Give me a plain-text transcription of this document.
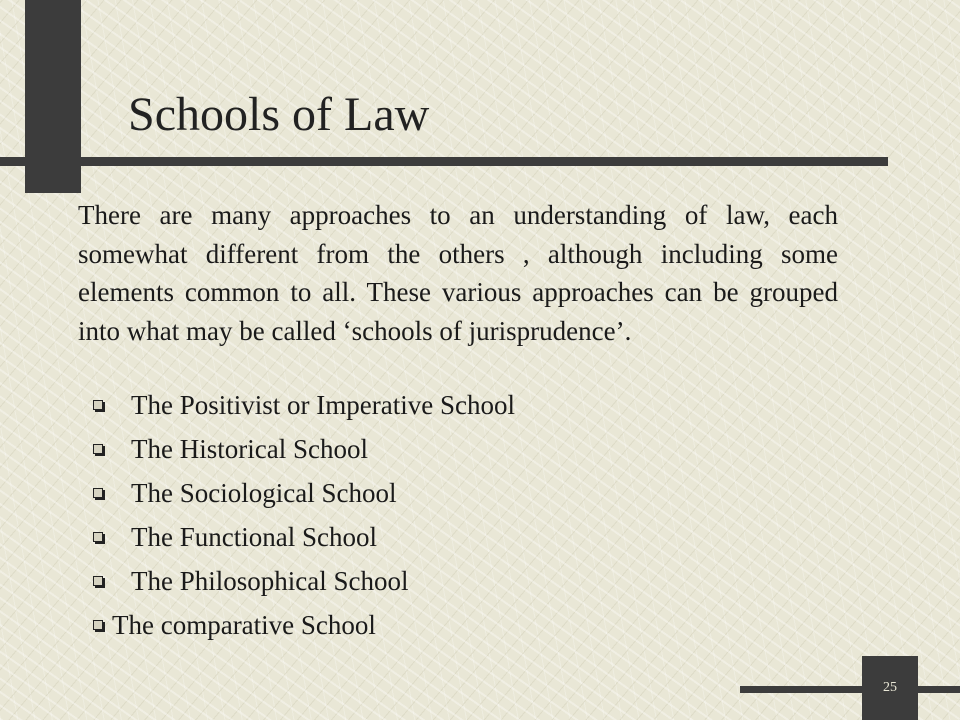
Schools of Law

There are many approaches to an understanding of law, each somewhat different from the others , although including some elements common to all. These various approaches can be grouped into what may be called ‘schools of jurisprudence’.

The Positivist or Imperative School
The Historical School
The Sociological School
The Functional School
The Philosophical School
The comparative School
25
